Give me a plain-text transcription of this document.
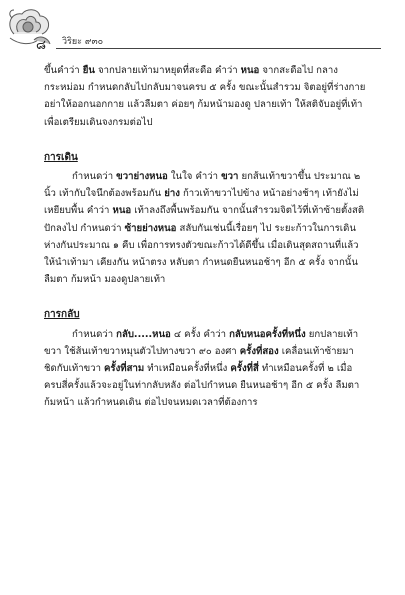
๘ วิริยะ ๙๓๐

ขึ้นคำว่า ยืน จากปลายเท้ามาหยุดที่สะดือ คำว่า หนอ จากสะดือไป กลางกระหม่อม กำหนดกลับไปกลับมาจนครบ ๕ ครั้ง ขณะนั้นสำรวม จิตอยู่ที่ร่างกาย อย่าให้ออกนอกกาย แล้วลืมตา ค่อยๆ ก้มหน้ามองดู ปลายเท้า ให้สติจับอยู่ที่เท้าเพื่อเตรียมเดินจงกรมต่อไป

การเดิน

กำหนดว่า ขวาย่างหนอ ในใจ คำว่า ขวา ยกส้นเท้าขวาขึ้น ประมาณ ๒ นิ้ว เท้ากับใจนึกต้องพร้อมกัน ย่าง ก้าวเท้าขวาไปข้าง หน้าอย่างช้าๆ เท้ายังไม่เหยียบพื้น คำว่า หนอ เท้าลงถึงพื้นพร้อมกัน จากนั้นสำรวมจิตไว้ที่เท้าซ้ายตั้งสติปักลงไป กำหนดว่า ซ้ายย่างหนอ สลับกันเช่นนี้เรื่อยๆ ไป ระยะก้าวในการเดินห่างกันประมาณ ๑ คืบ เพื่อการทรงตัวขณะก้าวได้ดีขึ้น เมื่อเดินสุดสถานที่แล้ว ให้นำเท้ามา เคียงกัน หน้าตรง หลับตา กำหนดยืนหนอช้าๆ อีก ๕ ครั้ง จากนั้น ลืมตา ก้มหน้า มองดูปลายเท้า

การกลับ

กำหนดว่า กลับ.....หนอ ๔ ครั้ง คำว่า กลับหนอครั้งที่หนึ่ง ยกปลายเท้าขวา ใช้ส้นเท้าขวาหมุนตัวไปทางขวา ๙๐ องศา ครั้งที่สอง เคลื่อนเท้าซ้ายมาชิดกับเท้าขวา ครั้งที่สาม ทำเหมือนครั้งที่หนึ่ง ครั้งที่สี่ ทำเหมือนครั้งที่ ๒ เมื่อครบสี่ครั้งแล้วจะอยู่ในท่ากลับหลัง ต่อไปกำหนด ยืนหนอช้าๆ อีก ๕ ครั้ง ลืมตา ก้มหน้า แล้วกำหนดเดิน ต่อไปจนหมดเวลาที่ต้องการ
